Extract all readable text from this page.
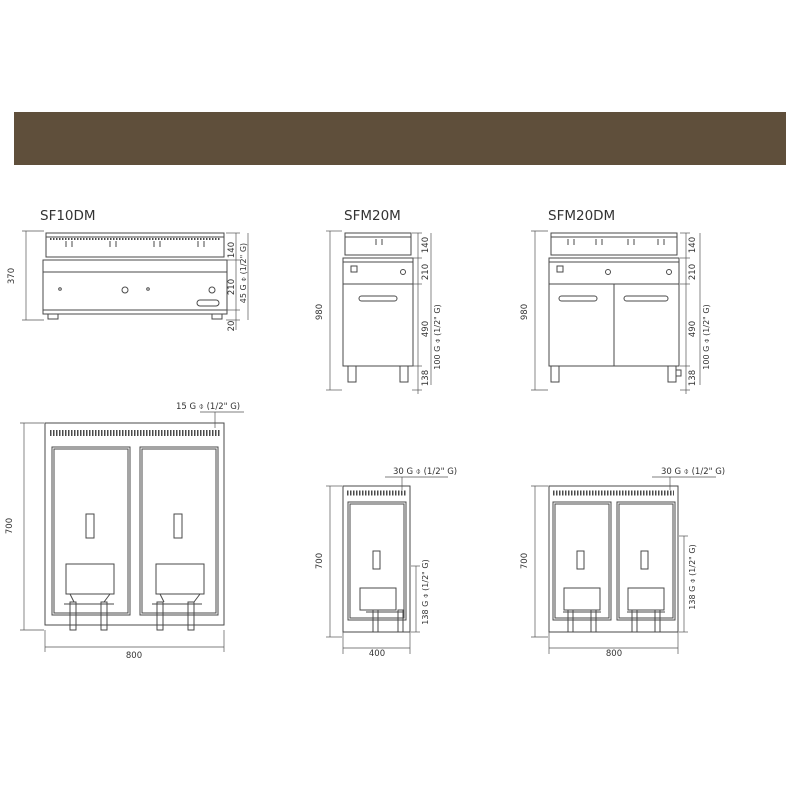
SF10DM	SFM20M	SFM20DM
370
140
210
20
45 G ⌽ (1/2" G)
15 G ⌽ (1/2" G)
700
800
980
140
210
490
138
100 G ⌽ (1/2" G)
30 G ⌽ (1/2" G)
700
400
138 G ⌽ (1/2" G)
980
140
210
490
138
100 G ⌽ (1/2" G)
30 G ⌽ (1/2" G)
700
800
138 G ⌽ (1/2" G)
